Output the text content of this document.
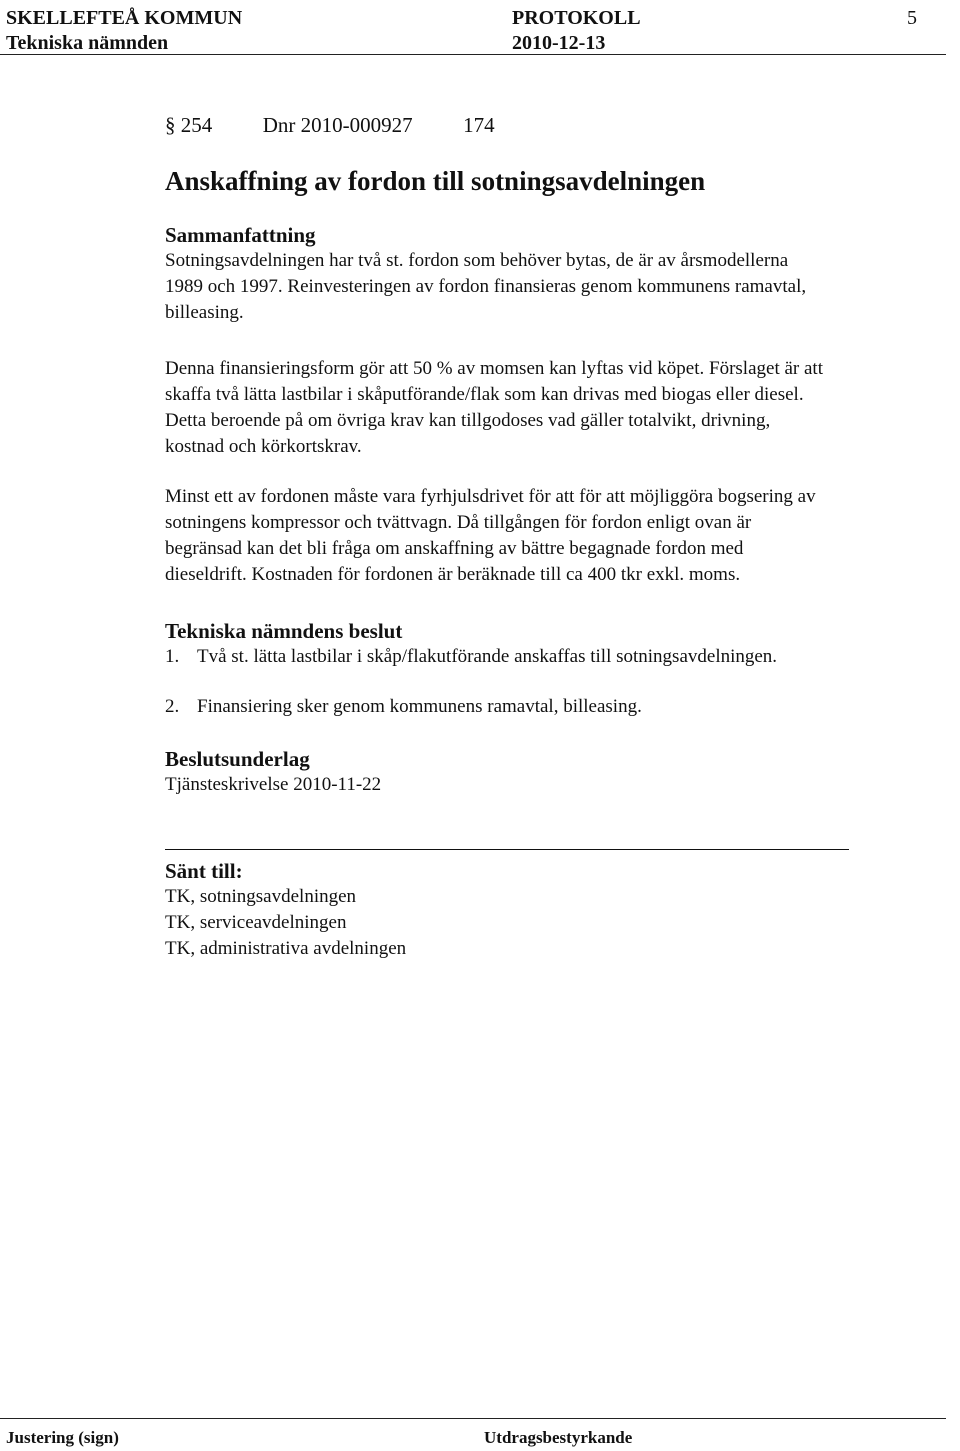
SKELLEFTEÅ KOMMUN	PROTOKOLL	5
Tekniska nämnden	2010-12-13
§ 254 Dnr 2010-000927 174
Anskaffning av fordon till sotningsavdelningen
Sammanfattning

Sotningsavdelningen har två st. fordon som behöver bytas, de är av årsmodellerna
1989 och 1997. Reinvesteringen av fordon finansieras genom kommunens ramavtal,
billeasing.

Denna finansieringsform gör att 50 % av momsen kan lyftas vid köpet. Förslaget är att
skaffa två lätta lastbilar i skåputförande/flak som kan drivas med biogas eller diesel.
Detta beroende på om övriga krav kan tillgodoses vad gäller totalvikt, drivning,
kostnad och körkortskrav.
Minst ett av fordonen måste vara fyrhjulsdrivet för att för att möjliggöra bogsering av
sotningens kompressor och tvättvagn. Då tillgången för fordon enligt ovan är
begränsad kan det bli fråga om anskaffning av bättre begagnade fordon med
dieseldrift. Kostnaden för fordonen är beräknade till ca 400 tkr exkl. moms.
Tekniska nämndens beslut

1. Två st. lätta lastbilar i skåp/flakutförande anskaffas till sotningsavdelningen.

2. Finansiering sker genom kommunens ramavtal, billeasing.
Beslutsunderlag
Tjänsteskrivelse 2010-11-22
Sänt till:
TK, sotningsavdelningen
TK, serviceavdelningen
TK, administrativa avdelningen
Justering (sign)	Utdragsbestyrkande
